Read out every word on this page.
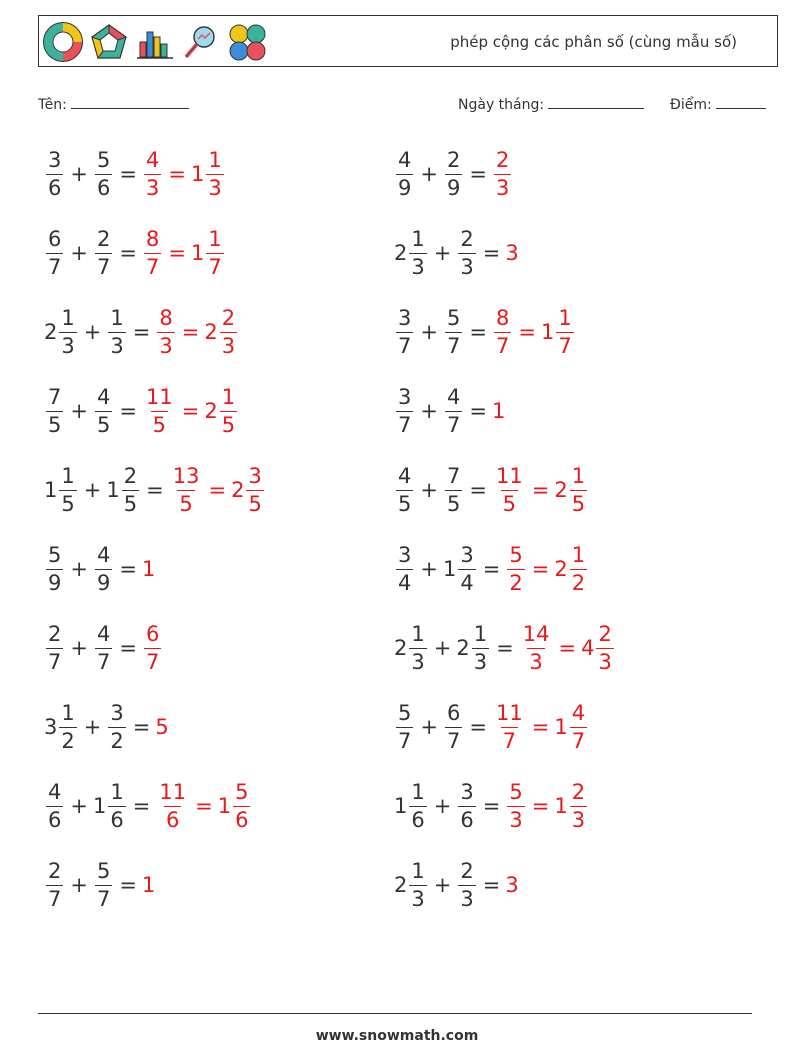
phép cộng các phân số (cùng mẫu số)
Tên:	Ngày tháng:	Điểm:
$\frac{3}{6} + \frac{5}{6} = \frac{4}{3} = 1 \frac{1}{3}$	$\frac{4}{9} + \frac{2}{9} = \frac{2}{3}$
$\frac{6}{7} + \frac{2}{7} = \frac{8}{7} = 1 \frac{1}{7}$	$2 \frac{1}{3} + \frac{2}{3} = 3$
$2 \frac{1}{3} + \frac{1}{3} = \frac{8}{3} = 2 \frac{2}{3}$	$\frac{3}{7} + \frac{5}{7} = \frac{8}{7} = 1 \frac{1}{7}$
$\frac{7}{5} + \frac{4}{5} = \frac{11}{5} = 2 \frac{1}{5}$	$\frac{3}{7} + \frac{4}{7} = 1$
$1 \frac{1}{5} + 1 \frac{2}{5} = \frac{13}{5} = 2 \frac{3}{5}$	$\frac{4}{5} + \frac{7}{5} = \frac{11}{5} = 2 \frac{1}{5}$
$\frac{5}{9} + \frac{4}{9} = 1$	$\frac{3}{4} + 1 \frac{3}{4} = \frac{5}{2} = 2 \frac{1}{2}$
$\frac{2}{7} + \frac{4}{7} = \frac{6}{7}$	$2 \frac{1}{3} + 2 \frac{1}{3} = \frac{14}{3} = 4 \frac{2}{3}$
$3 \frac{1}{2} + \frac{3}{2} = 5$	$\frac{5}{7} + \frac{6}{7} = \frac{11}{7} = 1 \frac{4}{7}$
$\frac{4}{6} + 1 \frac{1}{6} = \frac{11}{6} = 1 \frac{5}{6}$	$1 \frac{1}{6} + \frac{3}{6} = \frac{5}{3} = 1 \frac{2}{3}$
$\frac{2}{7} + \frac{5}{7} = 1$	$2 \frac{1}{3} + \frac{2}{3} = 3$
www.snowmath.com
